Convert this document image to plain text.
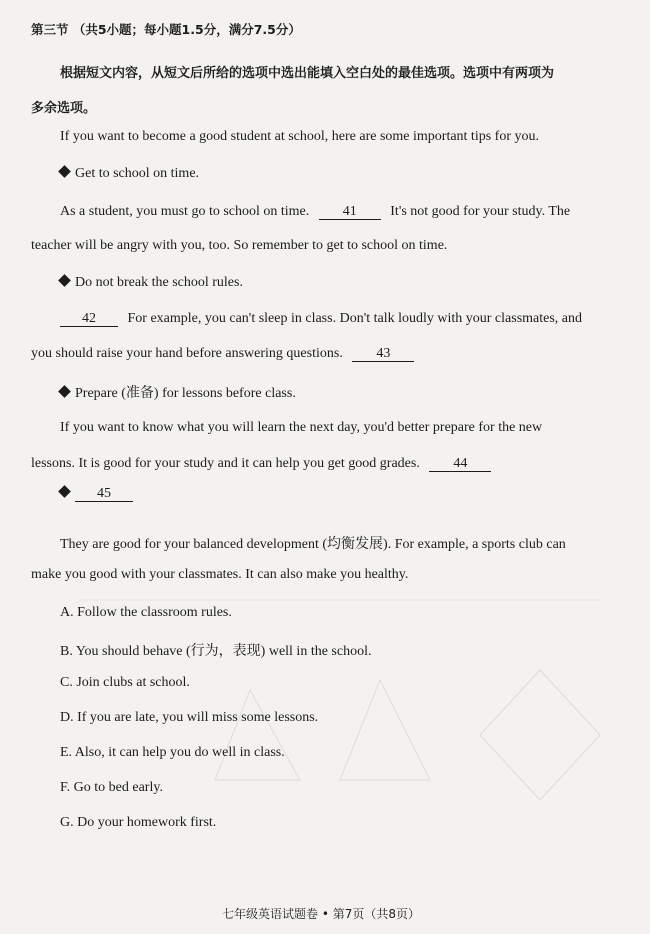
第三节 （共5小题；每小题1.5分，满分7.5分）
根据短文内容，从短文后所给的选项中选出能填入空白处的最佳选项。选项中有两项为
多余选项。
If you want to become a good student at school, here are some important tips for you.
Get to school on time.
As a student, you must go to school on time. 41 It's not good for your study. The
teacher will be angry with you, too. So remember to get to school on time.
Do not break the school rules.
42 For example, you can't sleep in class. Don't talk loudly with your classmates, and
you should raise your hand before answering questions. 43
Prepare (准备) for lessons before class.
If you want to know what you will learn the next day, you'd better prepare for the new
lessons. It is good for your study and it can help you get good grades. 44
45
They are good for your balanced development (均衡发展). For example, a sports club can
make you good with your classmates. It can also make you healthy.
A. Follow the classroom rules.
B. You should behave (行为，表现) well in the school.
C. Join clubs at school.
D. If you are late, you will miss some lessons.
E. Also, it can help you do well in class.
F. Go to bed early.
G. Do your homework first.
七年级英语试题卷 • 第7页（共8页）
